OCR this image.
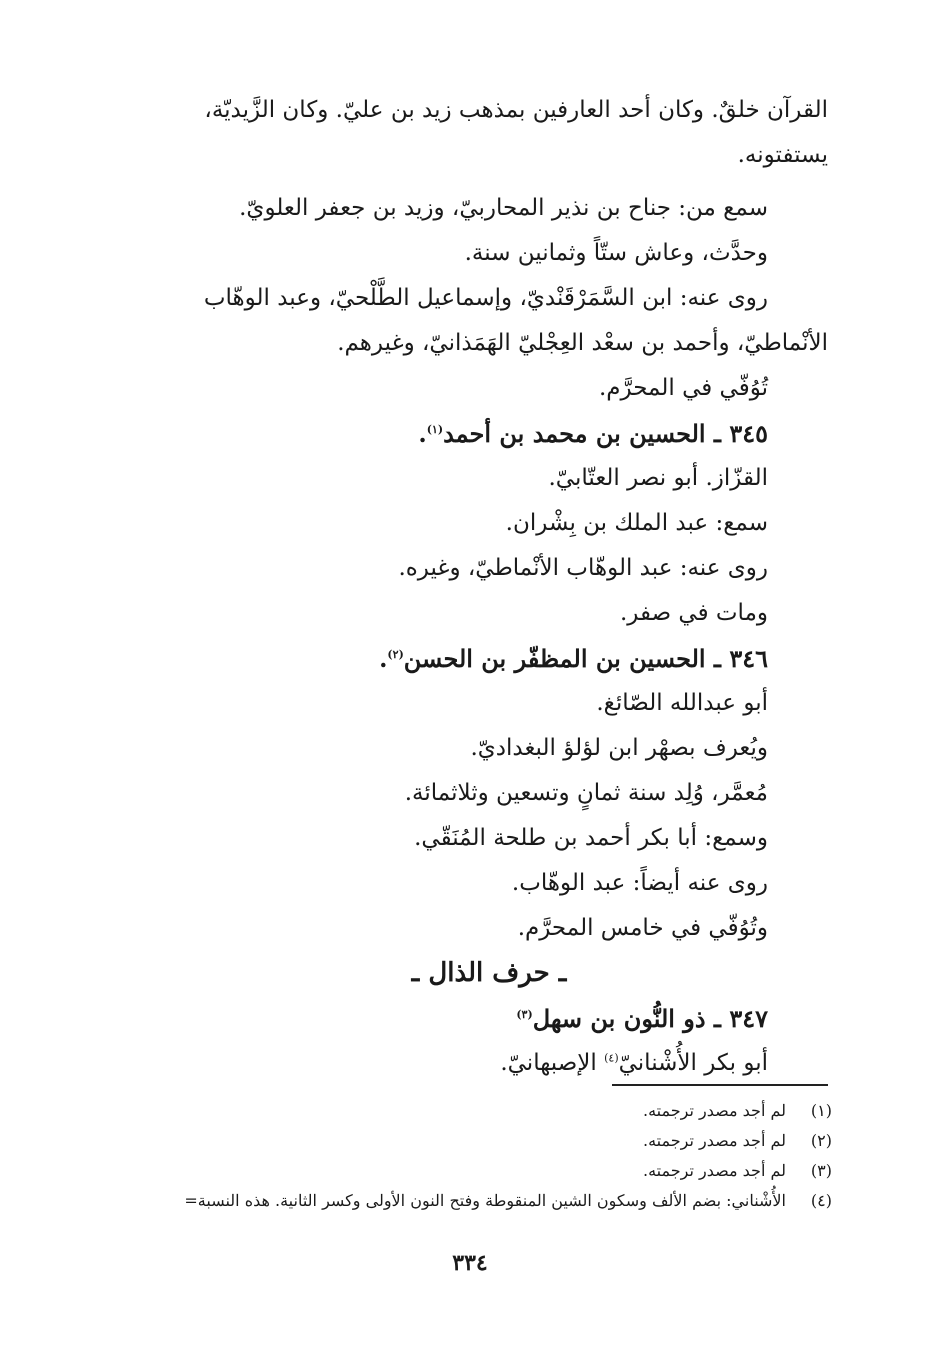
القرآن خلقٌ. وكان أحد العارفين بمذهب زيد بن عليّ. وكان الزَّيديّة،

يستفتونه.

سمع من: جناح بن نذير المحاربيّ، وزيد بن جعفر العلويّ.

وحدَّث، وعاش ستّاً وثمانين سنة.

روى عنه: ابن السَّمَرْقَنْديّ، وإسماعيل الطَّلْحيّ، وعبد الوهّاب

الأنْماطيّ، وأحمد بن سعْد العِجْليّ الهَمَذانيّ، وغيرهم.

تُوُفّي في المحرَّم.

٣٤٥ ـ الحسين بن محمد بن أحمد$^{(١)}$.

القزّاز. أبو نصر العتّابيّ.

سمع: عبد الملك بن بِشْران.

روى عنه: عبد الوهّاب الأنْماطيّ، وغيره.

ومات في صفر.

٣٤٦ ـ الحسين بن المظفّر بن الحسن$^{(٢)}$.

أبو عبدالله الصّائغ.

ويُعرف بصهْر ابن لؤلؤ البغداديّ.

مُعمَّر، وُلِد سنة ثمانٍ وتسعين وثلاثمائة.

وسمع: أبا بكر أحمد بن طلحة المُنَقّي.

روى عنه أيضاً: عبد الوهّاب.

وتُوُفّي في خامس المحرَّم.

ـ حرف الذال ـ

٣٤٧ ـ ذو النُّون بن سهل$^{(٣)}$

أبو بكر الأُشْنانيّ$^{(٤)}$ الإصبهانيّ.

(١)
لم أجد مصدر ترجمته.
(٢)
لم أجد مصدر ترجمته.
(٣)
لم أجد مصدر ترجمته.
(٤)
الأُشْناني: بضم الألف وسكون الشين المنقوطة وفتح النون الأولى وكسر الثانية. هذه النسبة=
٣٣٤
